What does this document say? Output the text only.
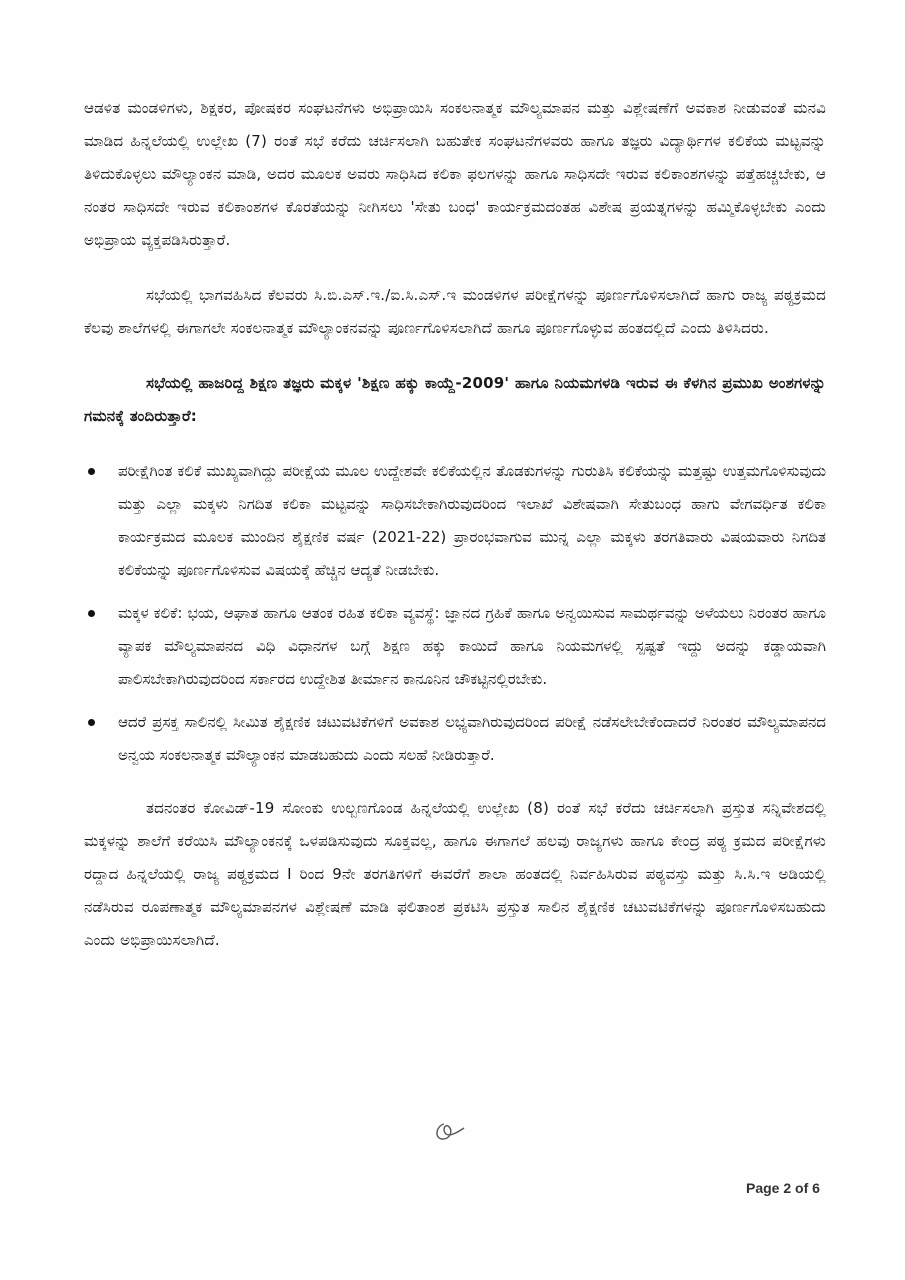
ಆಡಳಿತ ಮಂಡಳಿಗಳು, ಶಿಕ್ಷಕರ, ಪೋಷಕರ ಸಂಘಟನೆಗಳು ಅಭಿಪ್ರಾಯಿಸಿ ಸಂಕಲನಾತ್ಮಕ ಮೌಲ್ಯಮಾಪನ ಮತ್ತು ವಿಶ್ಲೇಷಣೆಗೆ ಅವಕಾಶ ನೀಡುವಂತೆ ಮನವಿ ಮಾಡಿದ ಹಿನ್ನಲೆಯಲ್ಲಿ ಉಲ್ಲೇಖ (7) ರಂತೆ ಸಭೆ ಕರೆದು ಚರ್ಚಿಸಲಾಗಿ ಬಹುತೇಕ ಸಂಘಟನೆಗಳವರು ಹಾಗೂ ತಜ್ಞರು ವಿದ್ಯಾರ್ಥಿಗಳ ಕಲಿಕೆಯ ಮಟ್ಟವನ್ನು ತಿಳಿದುಕೊಳ್ಳಲು ಮೌಲ್ಯಾಂಕನ ಮಾಡಿ, ಅದರ ಮೂಲಕ ಅವರು ಸಾಧಿಸಿದ ಕಲಿಕಾ ಫಲಗಳನ್ನು ಹಾಗೂ ಸಾಧಿಸದೇ ಇರುವ ಕಲಿಕಾಂಶಗಳನ್ನು ಪತ್ತೆಹಚ್ಚಬೇಕು, ಆ ನಂತರ ಸಾಧಿಸದೇ ಇರುವ ಕಲಿಕಾಂಶಗಳ ಕೊರತೆಯನ್ನು ನೀಗಿಸಲು 'ಸೇತು ಬಂಧ' ಕಾರ್ಯಕ್ರಮದಂತಹ ವಿಶೇಷ ಪ್ರಯತ್ನಗಳನ್ನು ಹಮ್ಮಿಕೊಳ್ಳಬೇಕು ಎಂದು ಅಭಿಪ್ರಾಯ ವ್ಯಕ್ತಪಡಿಸಿರುತ್ತಾರೆ.

ಸಭೆಯಲ್ಲಿ ಭಾಗವಹಿಸಿದ ಕೆಲವರು ಸಿ.ಬಿ.ಎಸ್.ಇ./ಐ.ಸಿ.ಎಸ್.ಇ ಮಂಡಳಿಗಳ ಪರೀಕ್ಷೆಗಳನ್ನು ಪೂರ್ಣಗೊಳಿಸಲಾಗಿದೆ ಹಾಗು ರಾಜ್ಯ ಪಠ್ಯಕ್ರಮದ ಕೆಲವು ಶಾಲೆಗಳಲ್ಲಿ ಈಗಾಗಲೇ ಸಂಕಲನಾತ್ಮಕ ಮೌಲ್ಯಾಂಕನವನ್ನು ಪೂರ್ಣಗೊಳಿಸಲಾಗಿದೆ ಹಾಗೂ ಪೂರ್ಣಗೊಳ್ಳುವ ಹಂತದಲ್ಲಿದೆ ಎಂದು ತಿಳಿಸಿದರು.

ಸಭೆಯಲ್ಲಿ ಹಾಜರಿದ್ದ ಶಿಕ್ಷಣ ತಜ್ಞರು ಮಕ್ಕಳ 'ಶಿಕ್ಷಣ ಹಕ್ಕು ಕಾಯ್ದೆ-2009' ಹಾಗೂ ನಿಯಮಗಳಡಿ ಇರುವ ಈ ಕೆಳಗಿನ ಪ್ರಮುಖ ಅಂಶಗಳನ್ನು ಗಮನಕ್ಕೆ ತಂದಿರುತ್ತಾರೆ:

ಪರೀಕ್ಷೆಗಿಂತ ಕಲಿಕೆ ಮುಖ್ಯವಾಗಿದ್ದು ಪರೀಕ್ಷೆಯ ಮೂಲ ಉದ್ದೇಶವೇ ಕಲಿಕೆಯಲ್ಲಿನ ತೊಡಕುಗಳನ್ನು ಗುರುತಿಸಿ ಕಲಿಕೆಯನ್ನು ಮತ್ತಷ್ಟು ಉತ್ತಮಗೊಳಿಸುವುದು ಮತ್ತು ಎಲ್ಲಾ ಮಕ್ಕಳು ನಿಗದಿತ ಕಲಿಕಾ ಮಟ್ಟವನ್ನು ಸಾಧಿಸಬೇಕಾಗಿರುವುದರಿಂದ ಇಲಾಖೆ ವಿಶೇಷವಾಗಿ ಸೇತುಬಂಧ ಹಾಗು ವೇಗವರ್ಧಿತ ಕಲಿಕಾ ಕಾರ್ಯಕ್ರಮದ ಮೂಲಕ ಮುಂದಿನ ಶೈಕ್ಷಣಿಕ ವರ್ಷ (2021-22) ಪ್ರಾರಂಭವಾಗುವ ಮುನ್ನ ಎಲ್ಲಾ ಮಕ್ಕಳು ತರಗತಿವಾರು ವಿಷಯವಾರು ನಿಗದಿತ ಕಲಿಕೆಯನ್ನು ಪೂರ್ಣಗೊಳಿಸುವ ವಿಷಯಕ್ಕೆ ಹೆಚ್ಚಿನ ಆದ್ಯತೆ ನೀಡಬೇಕು.
ಮಕ್ಕಳ ಕಲಿಕೆ: ಭಯ, ಆಘಾತ ಹಾಗೂ ಆತಂಕ ರಹಿತ ಕಲಿಕಾ ವ್ಯವಸ್ಥೆ: ಜ್ಞಾನದ ಗ್ರಹಿಕೆ ಹಾಗೂ ಅನ್ವಯಿಸುವ ಸಾಮರ್ಥವನ್ನು ಅಳೆಯಲು ನಿರಂತರ ಹಾಗೂ ವ್ಯಾಪಕ ಮೌಲ್ಯಮಾಪನದ ವಿಧಿ ವಿಧಾನಗಳ ಬಗ್ಗೆ ಶಿಕ್ಷಣ ಹಕ್ಕು ಕಾಯಿದೆ ಹಾಗೂ ನಿಯಮಗಳಲ್ಲಿ ಸ್ಪಷ್ಟತೆ ಇದ್ದು ಅದನ್ನು ಕಡ್ಡಾಯವಾಗಿ ಪಾಲಿಸಬೇಕಾಗಿರುವುದರಿಂದ ಸರ್ಕಾರದ ಉದ್ದೇಶಿತ ತೀರ್ಮಾನ ಕಾನೂನಿನ ಚೌಕಟ್ಟಿನಲ್ಲಿರಬೇಕು.
ಆದರೆ ಪ್ರಸಕ್ತ ಸಾಲಿನಲ್ಲಿ ಸೀಮಿತ ಶೈಕ್ಷಣಿಕ ಚಟುವಟಿಕೆಗಳಿಗೆ ಅವಕಾಶ ಲಭ್ಯವಾಗಿರುವುದರಿಂದ ಪರೀಕ್ಷೆ ನಡೆಸಲೇಬೇಕೆಂದಾದರೆ ನಿರಂತರ ಮೌಲ್ಯಮಾಪನದ ಅನ್ವಯ ಸಂಕಲನಾತ್ಮಕ ಮೌಲ್ಯಾಂಕನ ಮಾಡಬಹುದು ಎಂದು ಸಲಹೆ ನೀಡಿರುತ್ತಾರೆ.

ತದನಂತರ ಕೋವಿಡ್-19 ಸೋಂಕು ಉಲ್ಬಣಗೊಂಡ ಹಿನ್ನಲೆಯಲ್ಲಿ ಉಲ್ಲೇಖ (8) ರಂತೆ ಸಭೆ ಕರೆದು ಚರ್ಚಿಸಲಾಗಿ ಪ್ರಸ್ತುತ ಸನ್ನಿವೇಶದಲ್ಲಿ ಮಕ್ಕಳನ್ನು ಶಾಲೆಗೆ ಕರೆಯಿಸಿ ಮೌಲ್ಯಾಂಕನಕ್ಕೆ ಒಳಪಡಿಸುವುದು ಸೂಕ್ತವಲ್ಲ, ಹಾಗೂ ಈಗಾಗಲೆ ಹಲವು ರಾಜ್ಯಗಳು ಹಾಗೂ ಕೇಂದ್ರ ಪಠ್ಯ ಕ್ರಮದ ಪರೀಕ್ಷೆಗಳು ರದ್ದಾದ ಹಿನ್ನಲೆಯಲ್ಲಿ ರಾಜ್ಯ ಪಠ್ಯಕ್ರಮದ I ರಿಂದ 9ನೇ ತರಗತಿಗಳಿಗೆ ಈವರೆಗೆ ಶಾಲಾ ಹಂತದಲ್ಲಿ ನಿರ್ವಹಿಸಿರುವ ಪಠ್ಯವಸ್ತು ಮತ್ತು ಸಿ.ಸಿ.ಇ ಅಡಿಯಲ್ಲಿ ನಡೆಸಿರುವ ರೂಪಣಾತ್ಮಕ ಮೌಲ್ಯಮಾಪನಗಳ ವಿಶ್ಲೇಷಣೆ ಮಾಡಿ ಫಲಿತಾಂಶ ಪ್ರಕಟಿಸಿ ಪ್ರಸ್ತುತ ಸಾಲಿನ ಶೈಕ್ಷಣಿಕ ಚಟುವಟಿಕೆಗಳನ್ನು ಪೂರ್ಣಗೊಳಿಸಬಹುದು ಎಂದು ಅಭಿಪ್ರಾಯಿಸಲಾಗಿದೆ.

Page 2 of 6
